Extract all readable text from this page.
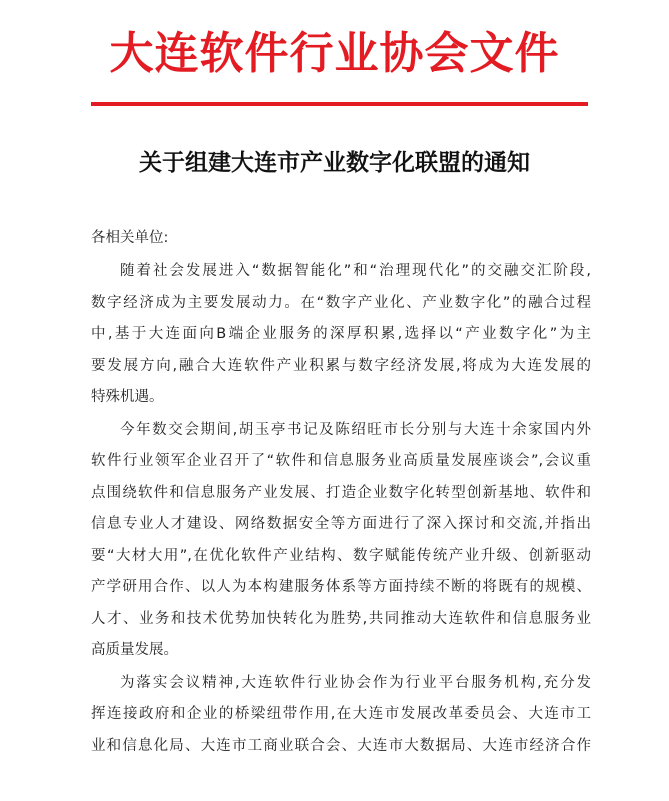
大连软件行业协会文件
关于组建大连市产业数字化联盟的通知
各相关单位:
随着社会发展进入“数据智能化”和“治理现代化”的交融交汇阶段,
数字经济成为主要发展动力。在“数字产业化、产业数字化”的融合过程
中,基于大连面向B端企业服务的深厚积累,选择以“产业数字化”为主
要发展方向,融合大连软件产业积累与数字经济发展,将成为大连发展的
特殊机遇。
今年数交会期间,胡玉亭书记及陈绍旺市长分别与大连十余家国内外
软件行业领军企业召开了“软件和信息服务业高质量发展座谈会”,会议重
点围绕软件和信息服务产业发展、打造企业数字化转型创新基地、软件和
信息专业人才建设、网络数据安全等方面进行了深入探讨和交流,并指出
要“大材大用”,在优化软件产业结构、数字赋能传统产业升级、创新驱动
产学研用合作、以人为本构建服务体系等方面持续不断的将既有的规模、
人才、业务和技术优势加快转化为胜势,共同推动大连软件和信息服务业
高质量发展。
为落实会议精神,大连软件行业协会作为行业平台服务机构,充分发
挥连接政府和企业的桥梁纽带作用,在大连市发展改革委员会、大连市工
业和信息化局、大连市工商业联合会、大连市大数据局、大连市经济合作
